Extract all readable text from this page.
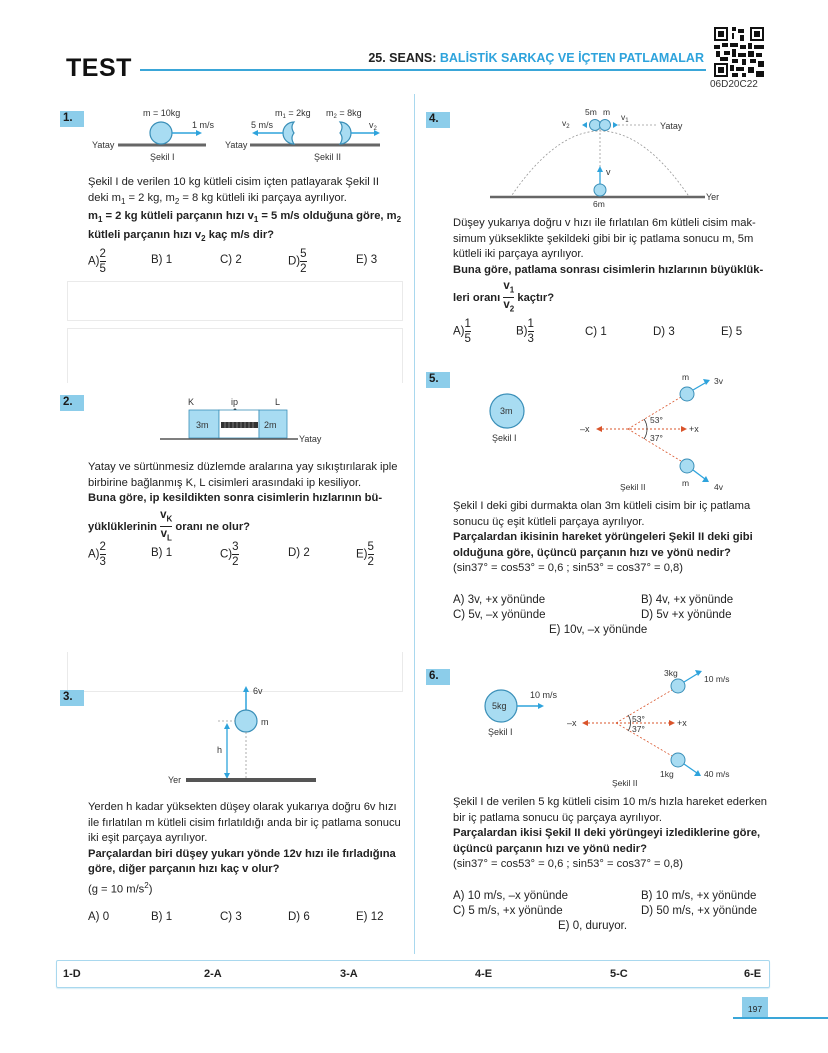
TEST	25. SEANS: BALİSTİK SARKAÇ VE İÇTEN PATLAMALAR
06D20C22
1.	m = 10kg
Yatay
1 m/s
Şekil I
Yatay
5 m/s
$m_1 = 2kg$ $m_2 = 8kg$
$v_2$
Şekil II
Şekil I de verilen 10 kg kütleli cisim içten patlayarak Şekil II
deki $m_1 = 2$ kg, $m_2 = 8$ kg kütleli iki parçaya ayrılıyor.
$m_1 = 2$ kg kütleli parçanın hızı $v_1 = 5$ m/s olduğuna göre, $m_2$
kütleli parçanın hızı $v_2$ kaç m/s dir?
$A) \frac{2}{5}$	B) 1	C) 2	$D) \frac{5}{2}$	E) 3
2.	K	ip	L
3m	2m
Yatay
Yatay ve sürtünmesiz düzlemde aralarına yay sıkıştırılarak iple
birbirine bağlanmış K, L cisimleri arasındaki ip kesiliyor.
Buna göre, ip kesildikten sonra cisimlerin hızlarının bü-
yüklüklerinin $\frac{v_K}{v_L}$ oranı ne olur?
$A) \frac{2}{3}$	B) 1	$C) \frac{3}{2}$	D) 2	$E) \frac{5}{2}$
3.	6v
m
h
Yer
Yerden h kadar yüksekten düşey olarak yukarıya doğru 6v hızı
ile fırlatılan m kütleli cisim fırlatıldığı anda bir iç patlama sonucu
iki eşit parçaya ayrılıyor.
Parçalardan biri düşey yukarı yönde 12v hızı ile fırladığına
göre, diğer parçanın hızı kaç v olur?
(g = 10 $m/s^2$)
A) 0	B) 1	C) 3	D) 6	E) 12
4.
Yer
v
6m
5m m
Yatay
$v_2$
$v_1$
Düşey yukarıya doğru v hızı ile fırlatılan 6m kütleli cisim mak-
simum yükseklikte şekildeki gibi bir iç patlama sonucu m, 5m
kütleli iki parçaya ayrılıyor.
Buna göre, patlama sonrası cisimlerin hızlarının büyüklük-
leri oranı $\frac{v_1}{v_2}$ kaçtır?
$A) \frac{1}{5}$	$B) \frac{1}{3}$	C) 1	D) 3	E) 5
5.
3m
Şekil I
–x	+x
53°
37°
m	3v
m	4v
Şekil II
Şekil I deki gibi durmakta olan 3m kütleli cisim bir iç patlama
sonucu üç eşit kütleli parçaya ayrılıyor.
Parçalardan ikisinin hareket yörüngeleri Şekil II deki gibi
olduğuna göre, üçüncü parçanın hızı ve yönü nedir?
(sin37° = cos53° = 0,6 ; sin53° = cos37° = 0,8)
A) 3v, +x yönünde	B) 4v, +x yönünde
C) 5v, –x yönünde	D) 5v +x yönünde
E) 10v, –x yönünde
6.
5kg
10 m/s
Şekil I
–x	+x
53°
37°
3kg
10 m/s
1kg	40 m/s
Şekil II
Şekil I de verilen 5 kg kütleli cisim 10 m/s hızla hareket ederken
bir iç patlama sonucu üç parçaya ayrılıyor.
Parçalardan ikisi Şekil II deki yörüngeyi izlediklerine göre,
üçüncü parçanın hızı ve yönü nedir?
(sin37° = cos53° = 0,6 ; sin53° = cos37° = 0,8)
A) 10 m/s, –x yönünde	B) 10 m/s, +x yönünde
C) 5 m/s, +x yönünde	D) 50 m/s, +x yönünde
E) 0, duruyor.
1-D	2-A	3-A	4-E	5-C	6-E
197
